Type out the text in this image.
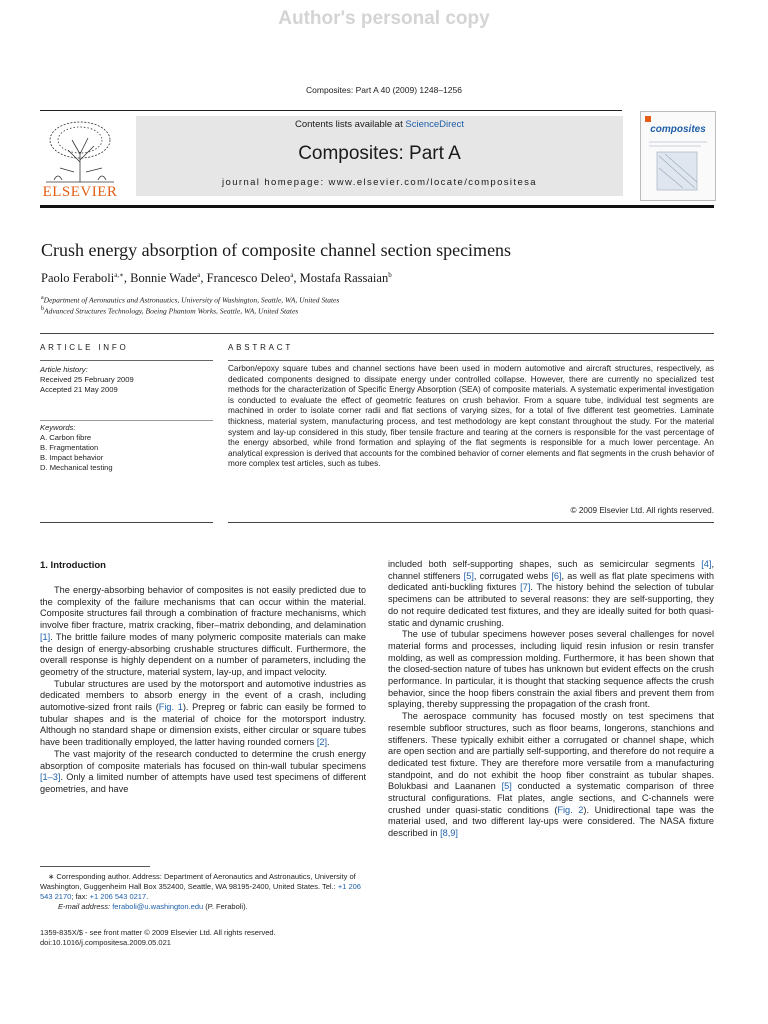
Author's personal copy
Composites: Part A 40 (2009) 1248–1256
ELSEVIER
Contents lists available at ScienceDirect
Composites: Part A
journal homepage: www.elsevier.com/locate/compositesa
composites
Crush energy absorption of composite channel section specimens
Paolo Feraboli$^{a,∗}$, Bonnie Wade$^a$, Francesco Deleo$^a$, Mostafa Rassaian$^b$
$^a$Department of Aeronautics and Astronautics, University of Washington, Seattle, WA, United States
$^b$Advanced Structures Technology, Boeing Phantom Works, Seattle, WA, United States
ARTICLE INFO
Article history:
Received 25 February 2009
Accepted 21 May 2009
Keywords:
A. Carbon fibre
B. Fragmentation
B. Impact behavior
D. Mechanical testing
ABSTRACT
Carbon/epoxy square tubes and channel sections have been used in modern automotive and aircraft structures, respectively, as dedicated components designed to dissipate energy under controlled collapse. However, there are currently no specialized test methods for the characterization of Specific Energy Absorption (SEA) of composite materials. A systematic experimental investigation is conducted to evaluate the effect of geometric features on crush behavior. From a square tube, individual test segments are machined in order to isolate corner radii and flat sections of varying sizes, for a total of five different test geometries. Laminate thickness, material system, manufacturing process, and test methodology are kept constant throughout the study. For the material system and lay-up considered in this study, fiber tensile fracture and tearing at the corners is responsible for the vast percentage of the energy absorbed, while frond formation and splaying of the flat segments is responsible for a much lower percentage. An analytical expression is derived that accounts for the combined behavior of corner elements and flat segments in the crush behavior of more complex test articles, such as tubes.
© 2009 Elsevier Ltd. All rights reserved.
1. Introduction

The energy-absorbing behavior of composites is not easily predicted due to the complexity of the failure mechanisms that can occur within the material. Composite structures fail through a combination of fracture mechanisms, which involve fiber fracture, matrix cracking, fiber–matrix debonding, and delamination [1]. The brittle failure modes of many polymeric composite materials can make the design of energy-absorbing crushable structures difficult. Furthermore, the overall response is highly dependent on a number of parameters, including the geometry of the structure, material system, lay-up, and impact velocity.

Tubular structures are used by the motorsport and automotive industries as dedicated members to absorb energy in the event of a crash, including automotive-sized front rails (Fig. 1). Prepreg or fabric can easily be formed to tubular shapes and is the material of choice for the motorsport industry. Although no standard shape or dimension exists, either circular or square tubes have been traditionally employed, the latter having rounded corners [2].

The vast majority of the research conducted to determine the crush energy absorption of composite materials has focused on thin-wall tubular specimens [1–3]. Only a limited number of attempts have used test specimens of different geometries, and have

included both self-supporting shapes, such as semicircular segments [4], channel stiffeners [5], corrugated webs [6], as well as flat plate specimens with dedicated anti-buckling fixtures [7]. The history behind the selection of tubular specimens can be attributed to several reasons: they are self-supporting, they do not require dedicated test fixtures, and they are ideally suited for both quasi-static and dynamic crushing.

The use of tubular specimens however poses several challenges for novel material forms and processes, including liquid resin infusion or resin transfer molding, as well as compression molding. Furthermore, it has been shown that the closed-section nature of tubes has unknown but evident effects on the crush performance. In particular, it is thought that stacking sequence affects the crush behavior, since the hoop fibers constrain the axial fibers and prevent them from splaying, thereby suppressing the propagation of the crash front.

The aerospace community has focused mostly on test specimens that resemble subfloor structures, such as floor beams, longerons, stanchions and stiffeners. These typically exhibit either a corrugated or channel shape, which are open section and are partially self-supporting, and therefore do not require a dedicated test fixture. They are therefore more versatile from a manufacturing standpoint, and do not exhibit the hoop fiber constraint as tubular shapes. Bolukbasi and Laananen [5] conducted a systematic comparison of three structural configurations. Flat plates, angle sections, and C-channels were crushed under quasi-static conditions (Fig. 2). Unidirectional tape was the material used, and two different lay-ups were considered. The NASA fixture described in [8,9]

∗ Corresponding author. Address: Department of Aeronautics and Astronautics, University of Washington, Guggenheim Hall Box 352400, Seattle, WA 98195-2400, United States. Tel.: +1 206 543 2170; fax: +1 206 543 0217.
E-mail address: feraboli@u.washington.edu (P. Feraboli).
1359-835X/$ - see front matter © 2009 Elsevier Ltd. All rights reserved.
doi:10.1016/j.compositesa.2009.05.021
